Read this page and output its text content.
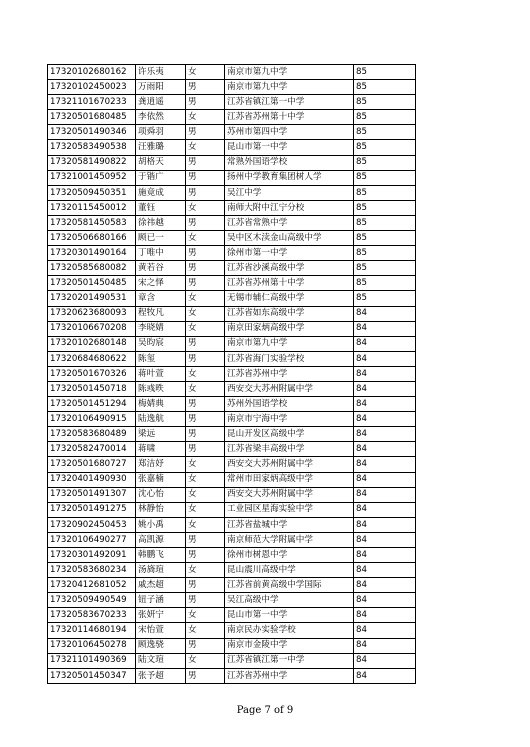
17320102680162	许乐夷	女	南京市第九中学	85
17320102450023	万雨阳	男	南京市第九中学	85
17321101670233	龚逍遥	男	江苏省镇江第一中学	85
17320501680485	李依然	女	江苏省苏州第十中学	85
17320501490346	项舜羽	男	苏州市第四中学	85
17320583490538	汪雅璐	女	昆山市第一中学	85
17320581490822	胡格天	男	常熟外国语学校	85
17321001450952	于锴广	男	扬州中学教育集团树人学	85
17320509450351	施竟成	男	吴江中学	85
17320115450012	董钰	女	南师大附中江宁分校	85
17320581450583	徐祎越	男	江苏省常熟中学	85
17320506680166	顾已一	女	吴中区木渎金山高级中学	85
17320301490164	丁唯中	男	徐州市第一中学	85
17320585680082	黄若谷	男	江苏省沙溪高级中学	85
17320501450485	宋之怿	男	江苏省苏州第十中学	85
17320201490531	章含	女	无锡市辅仁高级中学	85
17320623680093	程牧凡	女	江苏省如东高级中学	84
17320106670208	李晓婧	女	南京田家炳高级中学	84
17320102680148	吴昀宸	男	南京市第九中学	84
17320684680622	陈玺	男	江苏省海门实验学校	84
17320501670326	蒋叶萱	女	江苏省苏州中学	84
17320501450718	陈彧昳	女	西安交大苏州附属中学	84
17320501451294	梅婧典	男	苏州外国语学校	84
17320106490915	陆逸航	男	南京市宁海中学	84
17320583680489	梁远	男	昆山开发区高级中学	84
17320582470014	蒋啸	男	江苏省梁丰高级中学	84
17320501680727	郑洁妤	女	西安交大苏州附属中学	84
17320401490930	张嘉楠	女	常州市田家炳高级中学	84
17320501491307	沈心怡	女	西安交大苏州附属中学	84
17320501491275	林静怡	女	工业园区星海实验中学	84
17320902450453	姚小禹	女	江苏省盐城中学	84
17320106490277	高凯源	男	南京师范大学附属中学	84
17320301492091	韩鹏飞	男	徐州市树恩中学	84
17320583680234	汤旖瑄	女	昆山震川高级中学	84
17320412681052	戚杰超	男	江苏省前黄高级中学国际	84
17320509490549	钮子涵	男	吴江高级中学	84
17320583670233	张妍宁	女	昆山市第一中学	84
17320114680194	宋怡萱	女	南京民办实验学校	84
17320106450278	顾逸骁	男	南京市金陵中学	84
17321101490369	陆文瑄	女	江苏省镇江第一中学	84
17320501450347	张予超	男	江苏省苏州中学	84
Page 7 of 9
